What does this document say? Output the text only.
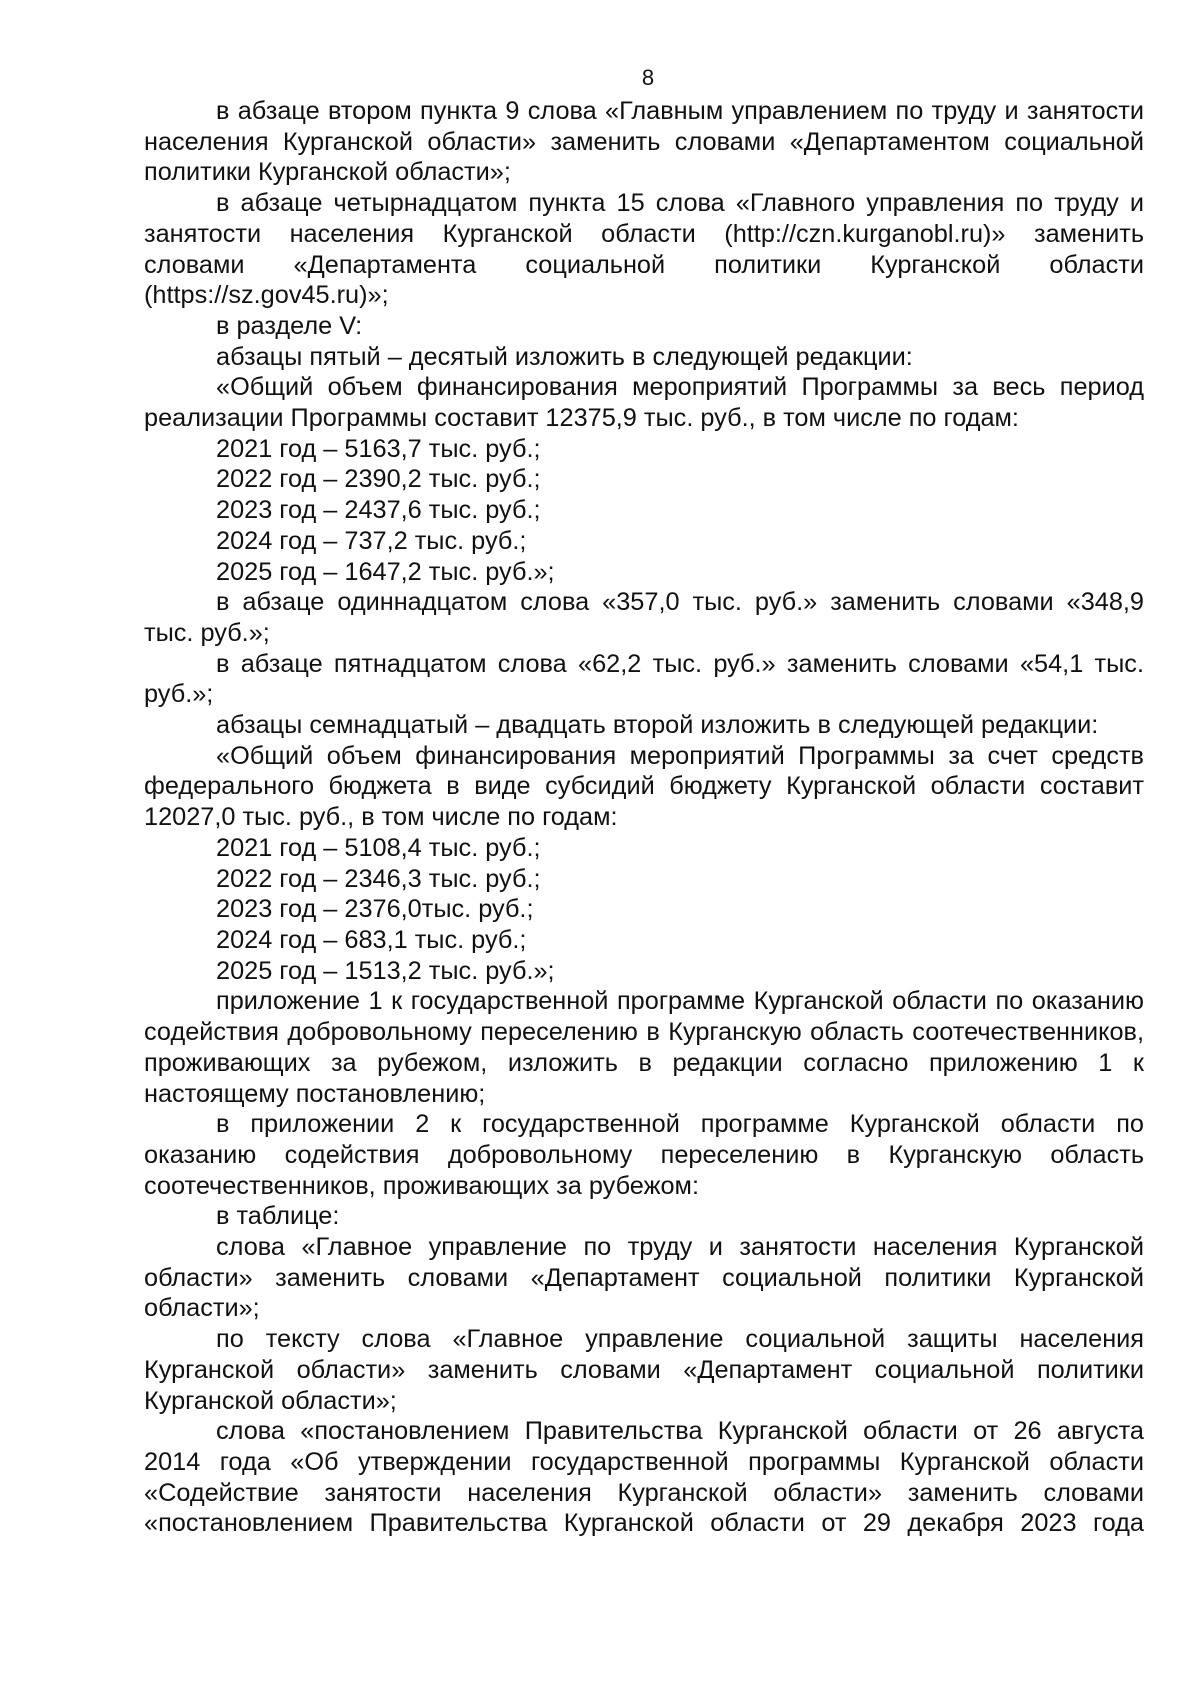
8

в абзаце втором пункта 9 слова «Главным управлением по труду и занятости населения Курганской области» заменить словами «Департаментом социальной политики Курганской области»;

в абзаце четырнадцатом пункта 15 слова «Главного управления по труду и занятости населения Курганской области (http://czn.kurganobl.ru)» заменить словами «Департамента социальной политики Курганской области (https://sz.gov45.ru)»;

в разделе V:

абзацы пятый – десятый изложить в следующей редакции:

«Общий объем финансирования мероприятий Программы за весь период реализации Программы составит 12375,9 тыс. руб., в том числе по годам:

2021 год – 5163,7 тыс. руб.;

2022 год – 2390,2 тыс. руб.;

2023 год – 2437,6 тыс. руб.;

2024 год – 737,2 тыс. руб.;

2025 год – 1647,2 тыс. руб.»;

в абзаце одиннадцатом слова «357,0 тыс. руб.» заменить словами «348,9 тыс. руб.»;

в абзаце пятнадцатом слова «62,2 тыс. руб.» заменить словами «54,1 тыс. руб.»;

абзацы семнадцатый – двадцать второй изложить в следующей редакции:

«Общий объем финансирования мероприятий Программы за счет средств федерального бюджета в виде субсидий бюджету Курганской области составит 12027,0 тыс. руб., в том числе по годам:

2021 год – 5108,4 тыс. руб.;

2022 год – 2346,3 тыс. руб.;

2023 год – 2376,0тыс. руб.;

2024 год – 683,1 тыс. руб.;

2025 год – 1513,2 тыс. руб.»;

приложение 1 к государственной программе Курганской области по оказанию содействия добровольному переселению в Курганскую область соотечественников, проживающих за рубежом, изложить в редакции согласно приложению 1 к настоящему постановлению;

в приложении 2 к государственной программе Курганской области по оказанию содействия добровольному переселению в Курганскую область соотечественников, проживающих за рубежом:

в таблице:

слова «Главное управление по труду и занятости населения Курганской области» заменить словами «Департамент социальной политики Курганской области»;

по тексту слова «Главное управление социальной защиты населения Курганской области» заменить словами «Департамент социальной политики Курганской области»;

слова «постановлением Правительства Курганской области от 26 августа 2014 года «Об утверждении государственной программы Курганской области «Содействие занятости населения Курганской области» заменить словами «постановлением Правительства Курганской области от 29 декабря 2023 года
